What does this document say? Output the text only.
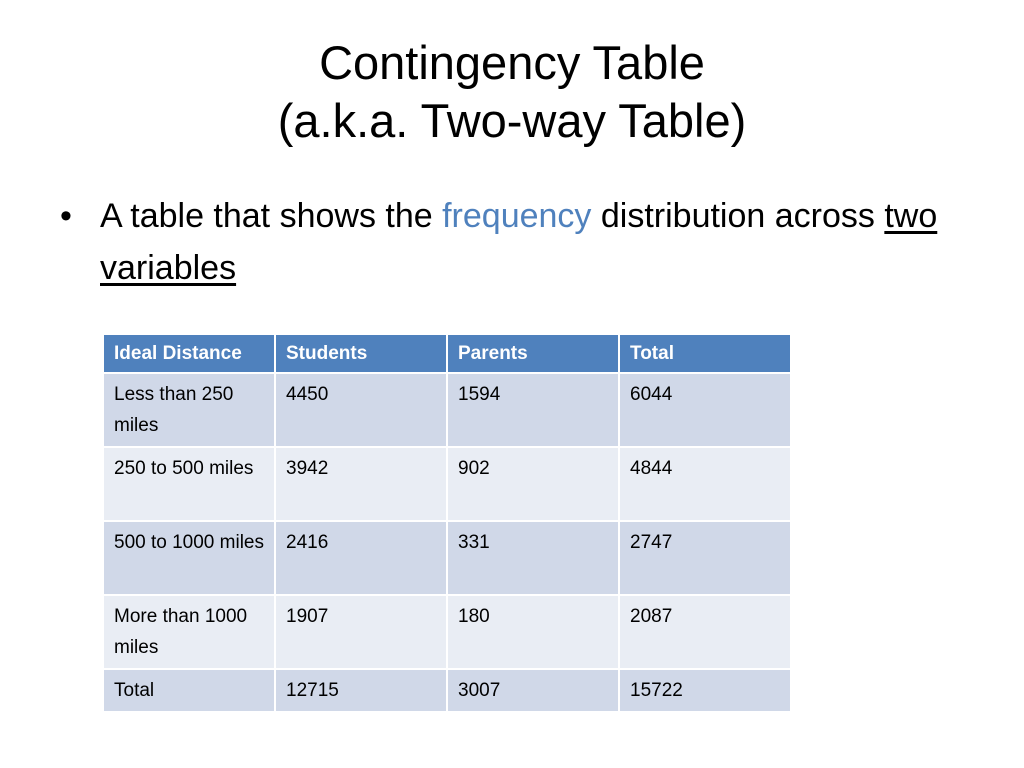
Contingency Table
(a.k.a. Two-way Table)
• A table that shows the frequency distribution across two variables
Ideal Distance	Students	Parents	Total
Less than 250 miles	4450	1594	6044
250 to 500 miles	3942	902	4844
500 to 1000 miles	2416	331	2747
More than 1000 miles	1907	180	2087
Total	12715	3007	15722
